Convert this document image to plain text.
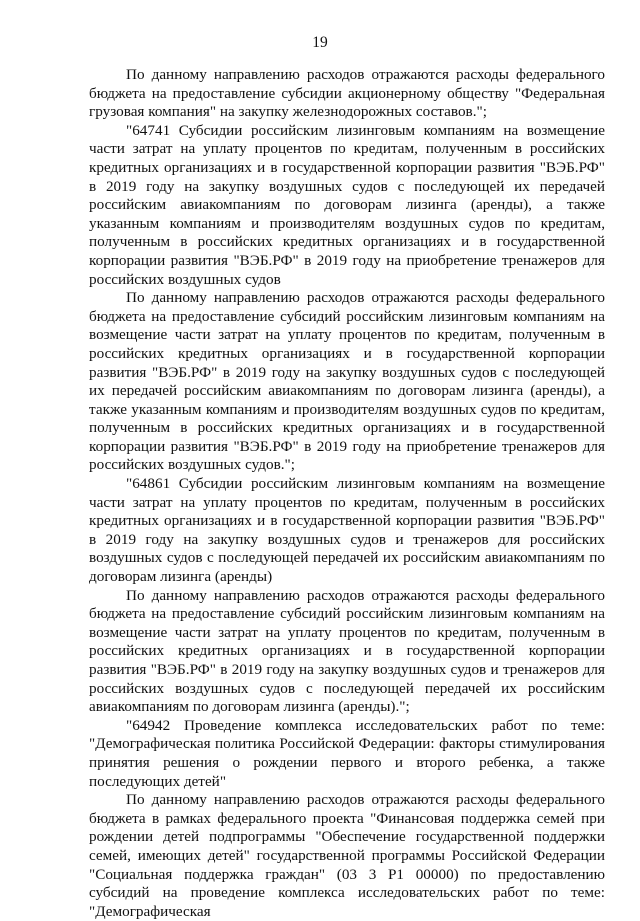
19

По данному направлению расходов отражаются расходы федерального бюджета на предоставление субсидии акционерному обществу "Федеральная грузовая компания" на закупку железнодорожных составов.";

"64741 Субсидии российским лизинговым компаниям на возмещение части затрат на уплату процентов по кредитам, полученным в российских кредитных организациях и в государственной корпорации развития "ВЭБ.РФ" в 2019 году на закупку воздушных судов с последующей их передачей российским авиакомпаниям по договорам лизинга (аренды), а также указанным компаниям и производителям воздушных судов по кредитам, полученным в российских кредитных организациях и в государственной корпорации развития "ВЭБ.РФ" в 2019 году на приобретение тренажеров для российских воздушных судов

По данному направлению расходов отражаются расходы федерального бюджета на предоставление субсидий российским лизинговым компаниям на возмещение части затрат на уплату процентов по кредитам, полученным в российских кредитных организациях и в государственной корпорации развития "ВЭБ.РФ" в 2019 году на закупку воздушных судов с последующей их передачей российским авиакомпаниям по договорам лизинга (аренды), а также указанным компаниям и производителям воздушных судов по кредитам, полученным в российских кредитных организациях и в государственной корпорации развития "ВЭБ.РФ" в 2019 году на приобретение тренажеров для российских воздушных судов.";

"64861 Субсидии российским лизинговым компаниям на возмещение части затрат на уплату процентов по кредитам, полученным в российских кредитных организациях и в государственной корпорации развития "ВЭБ.РФ" в 2019 году на закупку воздушных судов и тренажеров для российских воздушных судов с последующей передачей их российским авиакомпаниям по договорам лизинга (аренды)

По данному направлению расходов отражаются расходы федерального бюджета на предоставление субсидий российским лизинговым компаниям на возмещение части затрат на уплату процентов по кредитам, полученным в российских кредитных организациях и в государственной корпорации развития "ВЭБ.РФ" в 2019 году на закупку воздушных судов и тренажеров для российских воздушных судов с последующей передачей их российским авиакомпаниям по договорам лизинга (аренды).";

"64942 Проведение комплекса исследовательских работ по теме: "Демографическая политика Российской Федерации: факторы стимулирования принятия решения о рождении первого и второго ребенка, а также последующих детей"

По данному направлению расходов отражаются расходы федерального бюджета в рамках федерального проекта "Финансовая поддержка семей при рождении детей подпрограммы "Обеспечение государственной поддержки семей, имеющих детей" государственной программы Российской Федерации "Социальная поддержка граждан" (03 3 Р1 00000) по предоставлению субсидий на проведение комплекса исследовательских работ по теме: "Демографическая
